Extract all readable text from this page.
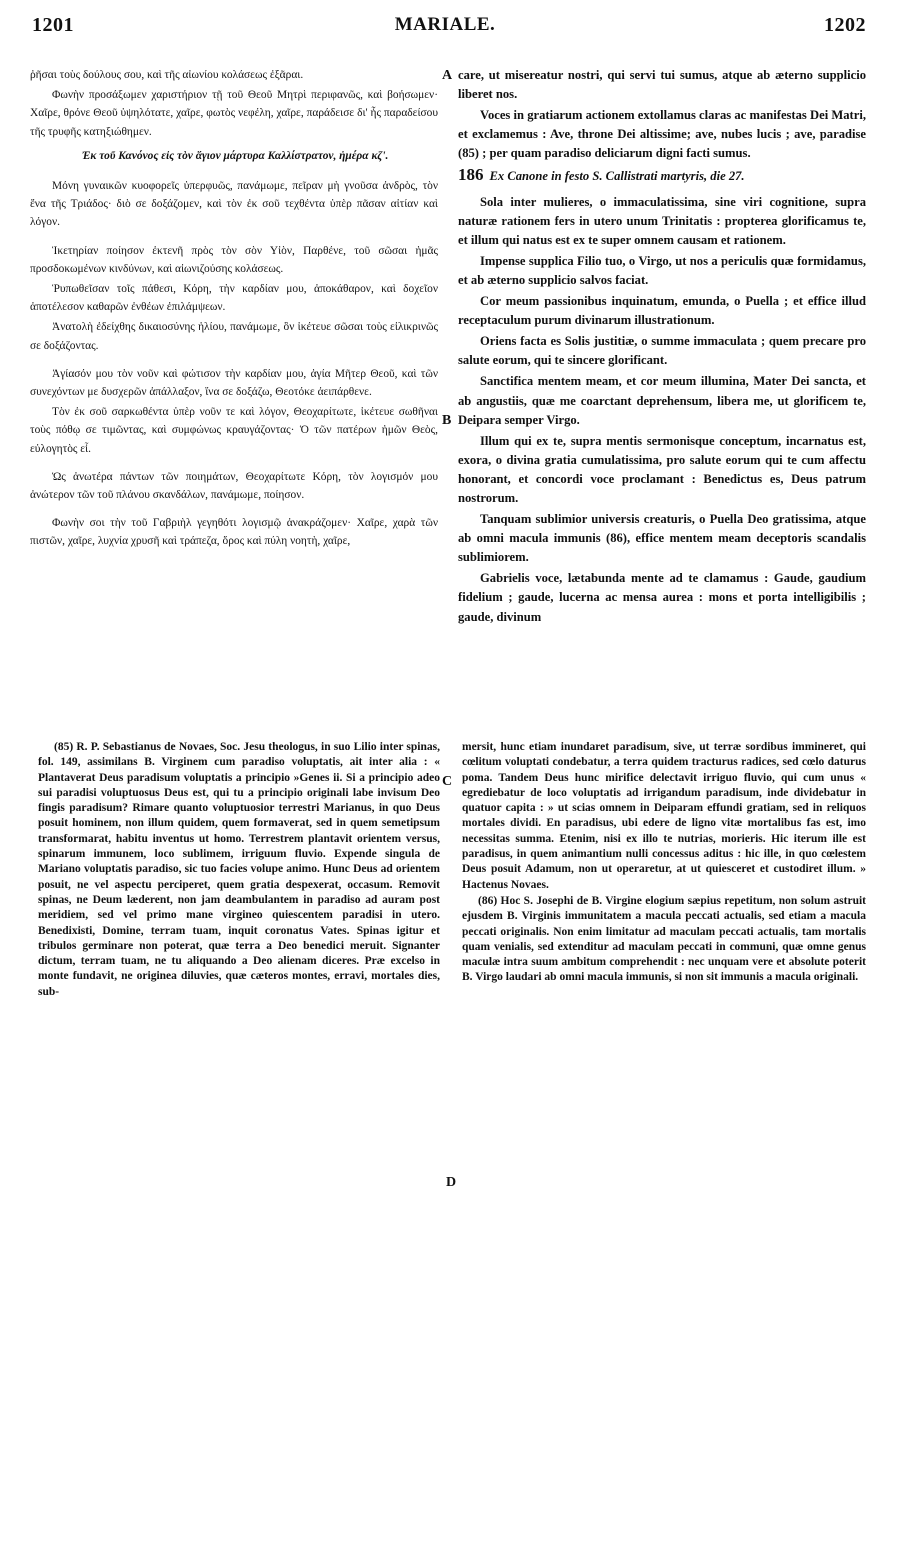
1201	MARIALE.	1202
A
B
C
D

ῥῆσαι τοὺς δούλους σου, καὶ τῆς αἰωνίου κολάσεως ἐξᾶραι.

Φωνὴν προσάξωμεν χαριστήριον τῇ τοῦ Θεοῦ Μητρὶ περιφανῶς, καὶ βοήσωμεν· Χαῖρε, θρόνε Θεοῦ ὑψηλότατε, χαῖρε, φωτὸς νεφέλη, χαῖρε, παράδεισε δι' ἧς παραδείσου τῆς τρυφῆς κατηξιώθημεν.

Ἐκ τοῦ Κανόνος εἰς τὸν ἅγιον μάρτυρα Καλλίστρατον, ἡμέρα κζ'.

Μόνη γυναικῶν κυοφορεῖς ὑπερφυῶς, πανάμωμε, πεῖραν μὴ γνοῦσα ἀνδρὸς, τὸν ἕνα τῆς Τριάδος· διὸ σε δοξάζομεν, καὶ τὸν ἐκ σοῦ τεχθέντα ὑπὲρ πᾶσαν αἰτίαν καὶ λόγον.

Ἱκετηρίαν ποίησον ἐκτενῆ πρὸς τὸν σὸν Υἱὸν, Παρθένε, τοῦ σῶσαι ἡμᾶς προσδοκωμένων κινδύνων, καὶ αἰωνιζούσης κολάσεως.

Ῥυπωθεῖσαν τοῖς πάθεσι, Κόρη, τὴν καρδίαν μου, ἀποκάθαρον, καὶ δοχεῖον ἀποτέλεσον καθαρῶν ἐνθέων ἐπιλάμψεων.

Ἀνατολὴ ἐδείχθης δικαιοσύνης ἡλίου, πανάμωμε, ὃν ἱκέτευε σῶσαι τοὺς εἰλικρινῶς σε δοξάζοντας.

Ἁγίασόν μου τὸν νοῦν καὶ φώτισον τὴν καρδίαν μου, ἁγία Μῆτερ Θεοῦ, καὶ τῶν συνεχόντων με δυσχερῶν ἀπάλλαξον, ἵνα σε δοξάζω, Θεοτόκε ἀειπάρθενε.

Τὸν ἐκ σοῦ σαρκωθέντα ὑπὲρ νοῦν τε καὶ λόγον, Θεοχαρίτωτε, ἱκέτευε σωθῆναι τοὺς πόθῳ σε τιμῶντας, καὶ συμφώνως κραυγάζοντας· Ὁ τῶν πατέρων ἡμῶν Θεὸς, εὐλογητὸς εἶ.

Ὡς ἀνωτέρα πάντων τῶν ποιημάτων, Θεοχαρίτωτε Κόρη, τὸν λογισμόν μου ἀνώτερον τῶν τοῦ πλάνου σκανδάλων, πανάμωμε, ποίησον.

Φωνὴν σοι τὴν τοῦ Γαβριὴλ γεγηθότι λογισμῷ ἀνακράζομεν· Χαῖρε, χαρὰ τῶν πιστῶν, χαῖρε, λυχνία χρυσῆ καὶ τράπεζα, ὄρος καὶ πύλη νοητὴ, χαῖρε,

care, ut misereatur nostri, qui servi tui sumus, atque ab æterno supplicio liberet nos.

Voces in gratiarum actionem extollamus claras ac manifestas Dei Matri, et exclamemus : Ave, throne Dei altissime; ave, nubes lucis ; ave, paradise (85) ; per quam paradiso deliciarum digni facti sumus.

186 Ex Canone in festo S. Callistrati martyris, die 27.

Sola inter mulieres, o immaculatissima, sine viri cognitione, supra naturæ rationem fers in utero unum Trinitatis : propterea glorificamus te, et illum qui natus est ex te super omnem causam et rationem.

Impense supplica Filio tuo, o Virgo, ut nos a periculis quæ formidamus, et ab æterno supplicio salvos faciat.

Cor meum passionibus inquinatum, emunda, o Puella ; et effice illud receptaculum purum divinarum illustrationum.

Oriens facta es Solis justitiæ, o summe immaculata ; quem precare pro salute eorum, qui te sincere glorificant.

Sanctifica mentem meam, et cor meum illumina, Mater Dei sancta, et ab angustiis, quæ me coarctant deprehensum, libera me, ut glorificem te, Deipara semper Virgo.

Illum qui ex te, supra mentis sermonisque conceptum, incarnatus est, exora, o divina gratia cumulatissima, pro salute eorum qui te cum affectu honorant, et concordi voce proclamant : Benedictus es, Deus patrum nostrorum.

Tanquam sublimior universis creaturis, o Puella Deo gratissima, atque ab omni macula immunis (86), effice mentem meam deceptoris scandalis sublimiorem.

Gabrielis voce, lætabunda mente ad te clamamus : Gaude, gaudium fidelium ; gaude, lucerna ac mensa aurea : mons et porta intelligibilis ; gaude, divinum

(85) R. P. Sebastianus de Novaes, Soc. Jesu theologus, in suo Lilio inter spinas, fol. 149, assimilans B. Virginem cum paradiso voluptatis, ait inter alia : « Plantaverat Deus paradisum voluptatis a principio »Genes ii. Si a principio adeo sui paradisi voluptuosus Deus est, qui tu a principio originali labe invisum Deo fingis paradisum? Rimare quanto voluptuosior terrestri Marianus, in quo Deus posuit hominem, non illum quidem, quem formaverat, sed in quem semetipsum transformarat, habitu inventus ut homo. Terrestrem plantavit orientem versus, spinarum immunem, loco sublimem, irriguum fluvio. Expende singula de Mariano voluptatis paradiso, sic tuo facies volupe animo. Hunc Deus ad orientem posuit, ne vel aspectu perciperet, quem gratia despexerat, occasum. Removit spinas, ne Deum læderent, non jam deambulantem in paradiso ad auram post meridiem, sed vel primo mane virgineo quiescentem paradisi in utero. Benedixisti, Domine, terram tuam, inquit coronatus Vates. Spinas igitur et tribulos germinare non poterat, quæ terra a Deo benedici meruit. Signanter dictum, terram tuam, ne tu aliquando a Deo alienam diceres. Præ excelso in monte fundavit, ne originea diluvies, quæ cæteros montes, erravi, mortales dies, sub-

mersit, hunc etiam inundaret paradisum, sive, ut terræ sordibus immineret, qui cœlitum voluptati condebatur, a terra quidem tracturus radices, sed cœlo daturus poma. Tandem Deus hunc mirifice delectavit irriguo fluvio, qui cum unus « egrediebatur de loco voluptatis ad irrigandum paradisum, inde dividebatur in quatuor capita : » ut scias omnem in Deiparam effundi gratiam, sed in reliquos mortales dividi. En paradisus, ubi edere de ligno vitæ mortalibus fas est, imo necessitas summa. Etenim, nisi ex illo te nutrias, morieris. Hic iterum ille est paradisus, in quem animantium nulli concessus aditus : hic ille, in quo cœlestem Deus posuit Adamum, non ut operaretur, at ut quiesceret et custodiret illum. » Hactenus Novaes.

(86) Hoc S. Josephi de B. Virgine elogium sæpius repetitum, non solum astruit ejusdem B. Virginis immunitatem a macula peccati actualis, sed etiam a macula peccati originalis. Non enim limitatur ad maculam peccati actualis, tam mortalis quam venialis, sed extenditur ad maculam peccati in communi, quæ omne genus maculæ intra suum ambitum comprehendit : nec unquam vere et absolute poterit B. Virgo laudari ab omni macula immunis, si non sit immunis a macula originali.
